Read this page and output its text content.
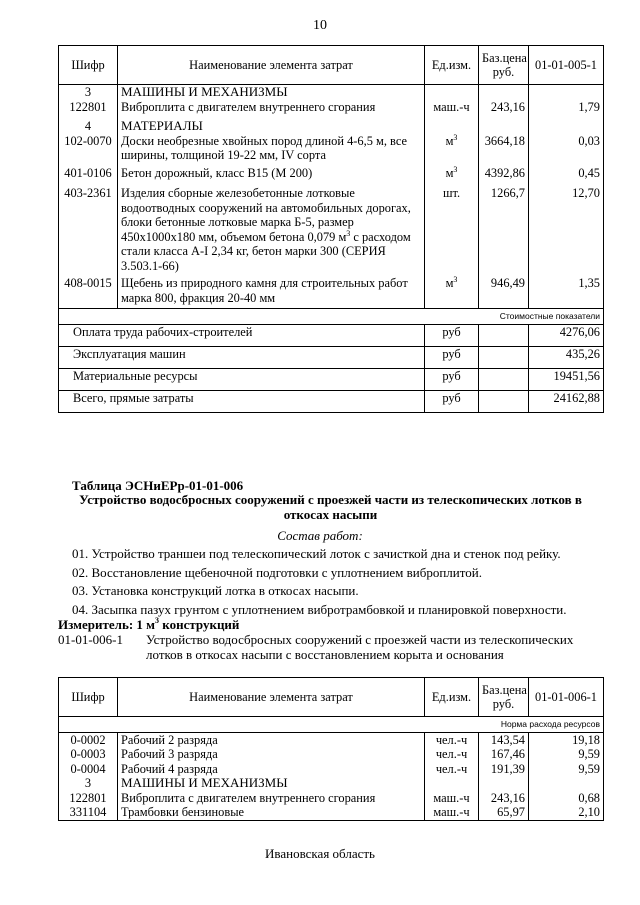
10
Шифр	Наименование элемента затрат	Ед.изм.	Баз.цена руб.	01-01-005-1
3	МАШИНЫ И МЕХАНИЗМЫ			
122801	Виброплита с двигателем внутреннего сгорания	маш.-ч	243,16	1,79
4	МАТЕРИАЛЫ			
102-0070	Доски необрезные хвойных пород длиной 4-6,5 м, все ширины, толщиной 19-22 мм, IV сорта	$м^3$	3664,18	0,03
401-0106	Бетон дорожный, класс В15 (М 200)	$м^3$	4392,86	0,45
403-2361	Изделия сборные железобетонные лотковые водоотводных сооружений на автомобильных дорогах, блоки бетонные лотковые марка Б-5, размер 450х1000х180 мм, объемом бетона 0,079 $м^3$ с расходом стали класса А-I 2,34 кг, бетон марки 300 (СЕРИЯ 3.503.1-66)	шт.	1266,7	12,70
408-0015	Щебень из природного камня для строительных работ марка 800, фракция 20-40 мм	$м^3$	946,49	1,35
Стоимостные показатели				
Оплата труда рабочих-строителей		руб		4276,06
Эксплуатация машин		руб		435,26
Материальные ресурсы		руб		19451,56
Всего, прямые затраты		руб		24162,88
Таблица ЭСНиЕРр-01-01-006
Устройство водосбросных сооружений с проезжей части из телескопических лотков в откосах насыпи
Состав работ:
01. Устройство траншеи под телескопический лоток с зачисткой дна и стенок под рейку.
02. Восстановление щебеночной подготовки с уплотнением виброплитой.
03. Установка конструкций лотка в откосах насыпи.
04. Засыпка пазух грунтом с уплотнением вибротрамбовкой и планировкой поверхности.
Измеритель: 1 $м^3$ конструкций
01-01-006-1 Устройство водосбросных сооружений с проезжей части из телескопических лотков в откосах насыпи с восстановлением корыта и основания
Шифр	Наименование элемента затрат	Ед.изм.	Баз.цена руб.	01-01-006-1
Норма расхода ресурсов				
0-0002	Рабочий 2 разряда	чел.-ч	143,54	19,18
0-0003	Рабочий 3 разряда	чел.-ч	167,46	9,59
0-0004	Рабочий 4 разряда	чел.-ч	191,39	9,59
3	МАШИНЫ И МЕХАНИЗМЫ			
122801	Виброплита с двигателем внутреннего сгорания	маш.-ч	243,16	0,68
331104	Трамбовки бензиновые	маш.-ч	65,97	2,10
Ивановская область
